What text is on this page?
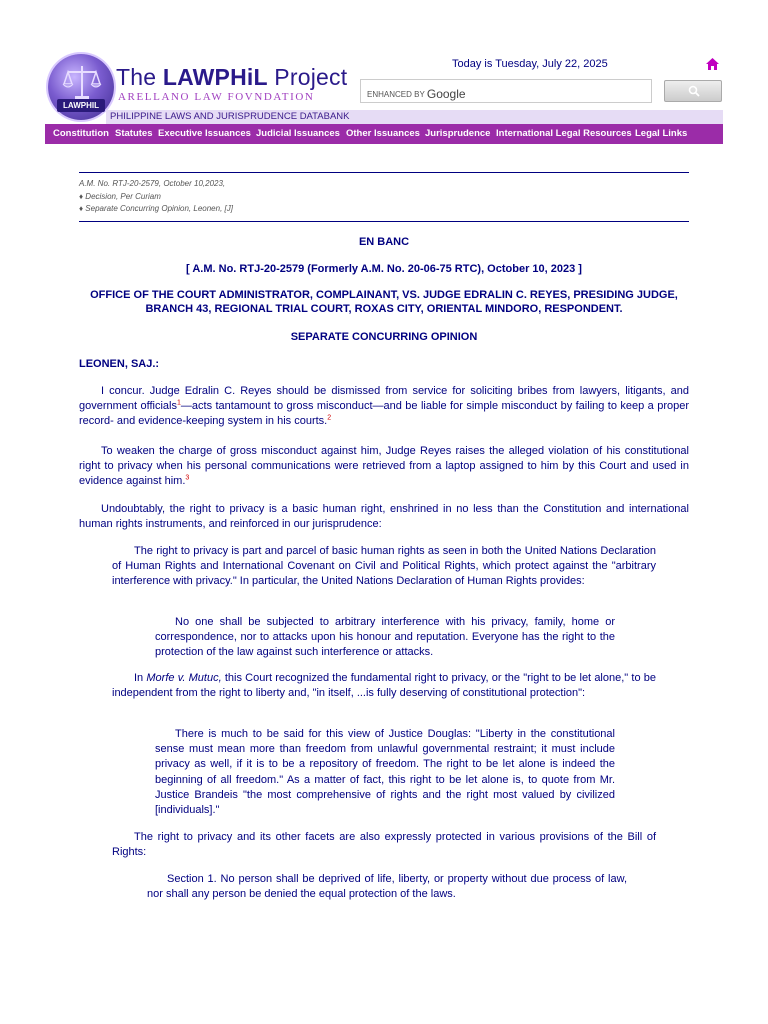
LAWPHIL
The LAWPHiL Project
ARELLANO LAW FOVNDATION
PHILIPPINE LAWS AND JURISPRUDENCE DATABANK
Today is Tuesday, July 22, 2025
ENHANCED BY Google
Constitution Statutes Executive Issuances Judicial Issuances Other Issuances Jurisprudence International Legal Resources Legal Links
A.M. No. RTJ-20-2579, October 10,2023,
♦ Decision, Per Curiam
♦ Separate Concurring Opinion, Leonen, [J]
EN BANC
[ A.M. No. RTJ-20-2579 (Formerly A.M. No. 20-06-75 RTC), October 10, 2023 ]
OFFICE OF THE COURT ADMINISTRATOR, COMPLAINANT, VS. JUDGE EDRALIN C. REYES, PRESIDING JUDGE, BRANCH 43, REGIONAL TRIAL COURT, ROXAS CITY, ORIENTAL MINDORO, RESPONDENT.
SEPARATE CONCURRING OPINION
LEONEN, SAJ.:
I concur. Judge Edralin C. Reyes should be dismissed from service for soliciting bribes from lawyers, litigants, and government officials$^1$—acts tantamount to gross misconduct—and be liable for simple misconduct by failing to keep a proper record- and evidence-keeping system in his courts.$^2$
To weaken the charge of gross misconduct against him, Judge Reyes raises the alleged violation of his constitutional right to privacy when his personal communications were retrieved from a laptop assigned to him by this Court and used in evidence against him.$^3$
Undoubtably, the right to privacy is a basic human right, enshrined in no less than the Constitution and international human rights instruments, and reinforced in our jurisprudence:
The right to privacy is part and parcel of basic human rights as seen in both the United Nations Declaration of Human Rights and International Covenant on Civil and Political Rights, which protect against the "arbitrary interference with privacy." In particular, the United Nations Declaration of Human Rights provides:
No one shall be subjected to arbitrary interference with his privacy, family, home or correspondence, nor to attacks upon his honour and reputation. Everyone has the right to the protection of the law against such interference or attacks.
In Morfe v. Mutuc, this Court recognized the fundamental right to privacy, or the "right to be let alone," to be independent from the right to liberty and, "in itself, ...is fully deserving of constitutional protection":
There is much to be said for this view of Justice Douglas: "Liberty in the constitutional sense must mean more than freedom from unlawful governmental restraint; it must include privacy as well, if it is to be a repository of freedom. The right to be let alone is indeed the beginning of all freedom." As a matter of fact, this right to be let alone is, to quote from Mr. Justice Brandeis "the most comprehensive of rights and the right most valued by civilized [individuals]."
The right to privacy and its other facets are also expressly protected in various provisions of the Bill of Rights:
Section 1. No person shall be deprived of life, liberty, or property without due process of law, nor shall any person be denied the equal protection of the laws.
